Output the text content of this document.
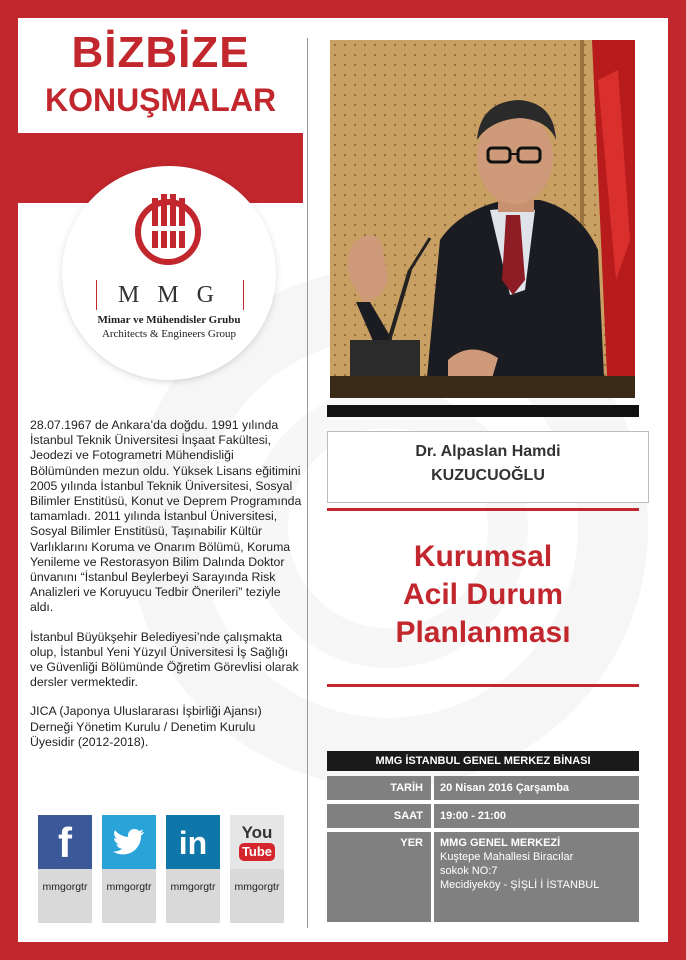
BİZBİZE
KONUŞMALAR
M M G
Mimar ve Mühendisler Grubu
Architects & Engineers Group

28.07.1967 de Ankara’da doğdu. 1991 yılında İstanbul Teknik Üniversitesi İnşaat Fakültesi, Jeodezi ve Fotogrametri Mühendisliği Bölümünden mezun oldu. Yüksek Lisans eğitimini 2005 yılında İstanbul Teknik Üniversitesi, Sosyal Bilimler Enstitüsü, Konut ve Deprem Programında tamamladı. 2011 yılında İstanbul Üniversitesi, Sosyal Bilimler Enstitüsü, Taşınabilir Kültür Varlıklarını Koruma ve Onarım Bölümü, Koruma Yenileme ve Restorasyon Bilim Dalında Doktor ünvanını “İstanbul Beylerbeyi Sarayında Risk Analizleri ve Koruyucu Tedbir Önerileri” teziyle aldı.

İstanbul Büyükşehir Belediyesi’nde çalışmakta olup, İstanbul Yeni Yüzyıl Üniversitesi İş Sağlığı ve Güvenliği Bölümünde Öğretim Görevlisi olarak dersler vermektedir.

JICA (Japonya Uluslararası İşbirliği Ajansı) Derneği Yönetim Kurulu / Denetim Kurulu Üyesidir (2012-2018).

f
mmgorgtr	mmgorgtr
in
mmgorgtr
You
Tube
mmgorgtr
Dr. Alpaslan Hamdi
KUZUCUOĞLU
Kurumsal
Acil Durum
Planlanması
MMG İSTANBUL GENEL MERKEZ BİNASI
TARİH	20 Nisan 2016 Çarşamba
SAAT	19:00 - 21:00
YER	MMG GENEL MERKEZİ
Kuştepe Mahallesi Biracılar
sokok NO:7
Mecidiyeköy - ŞİŞLİ İ İSTANBUL
